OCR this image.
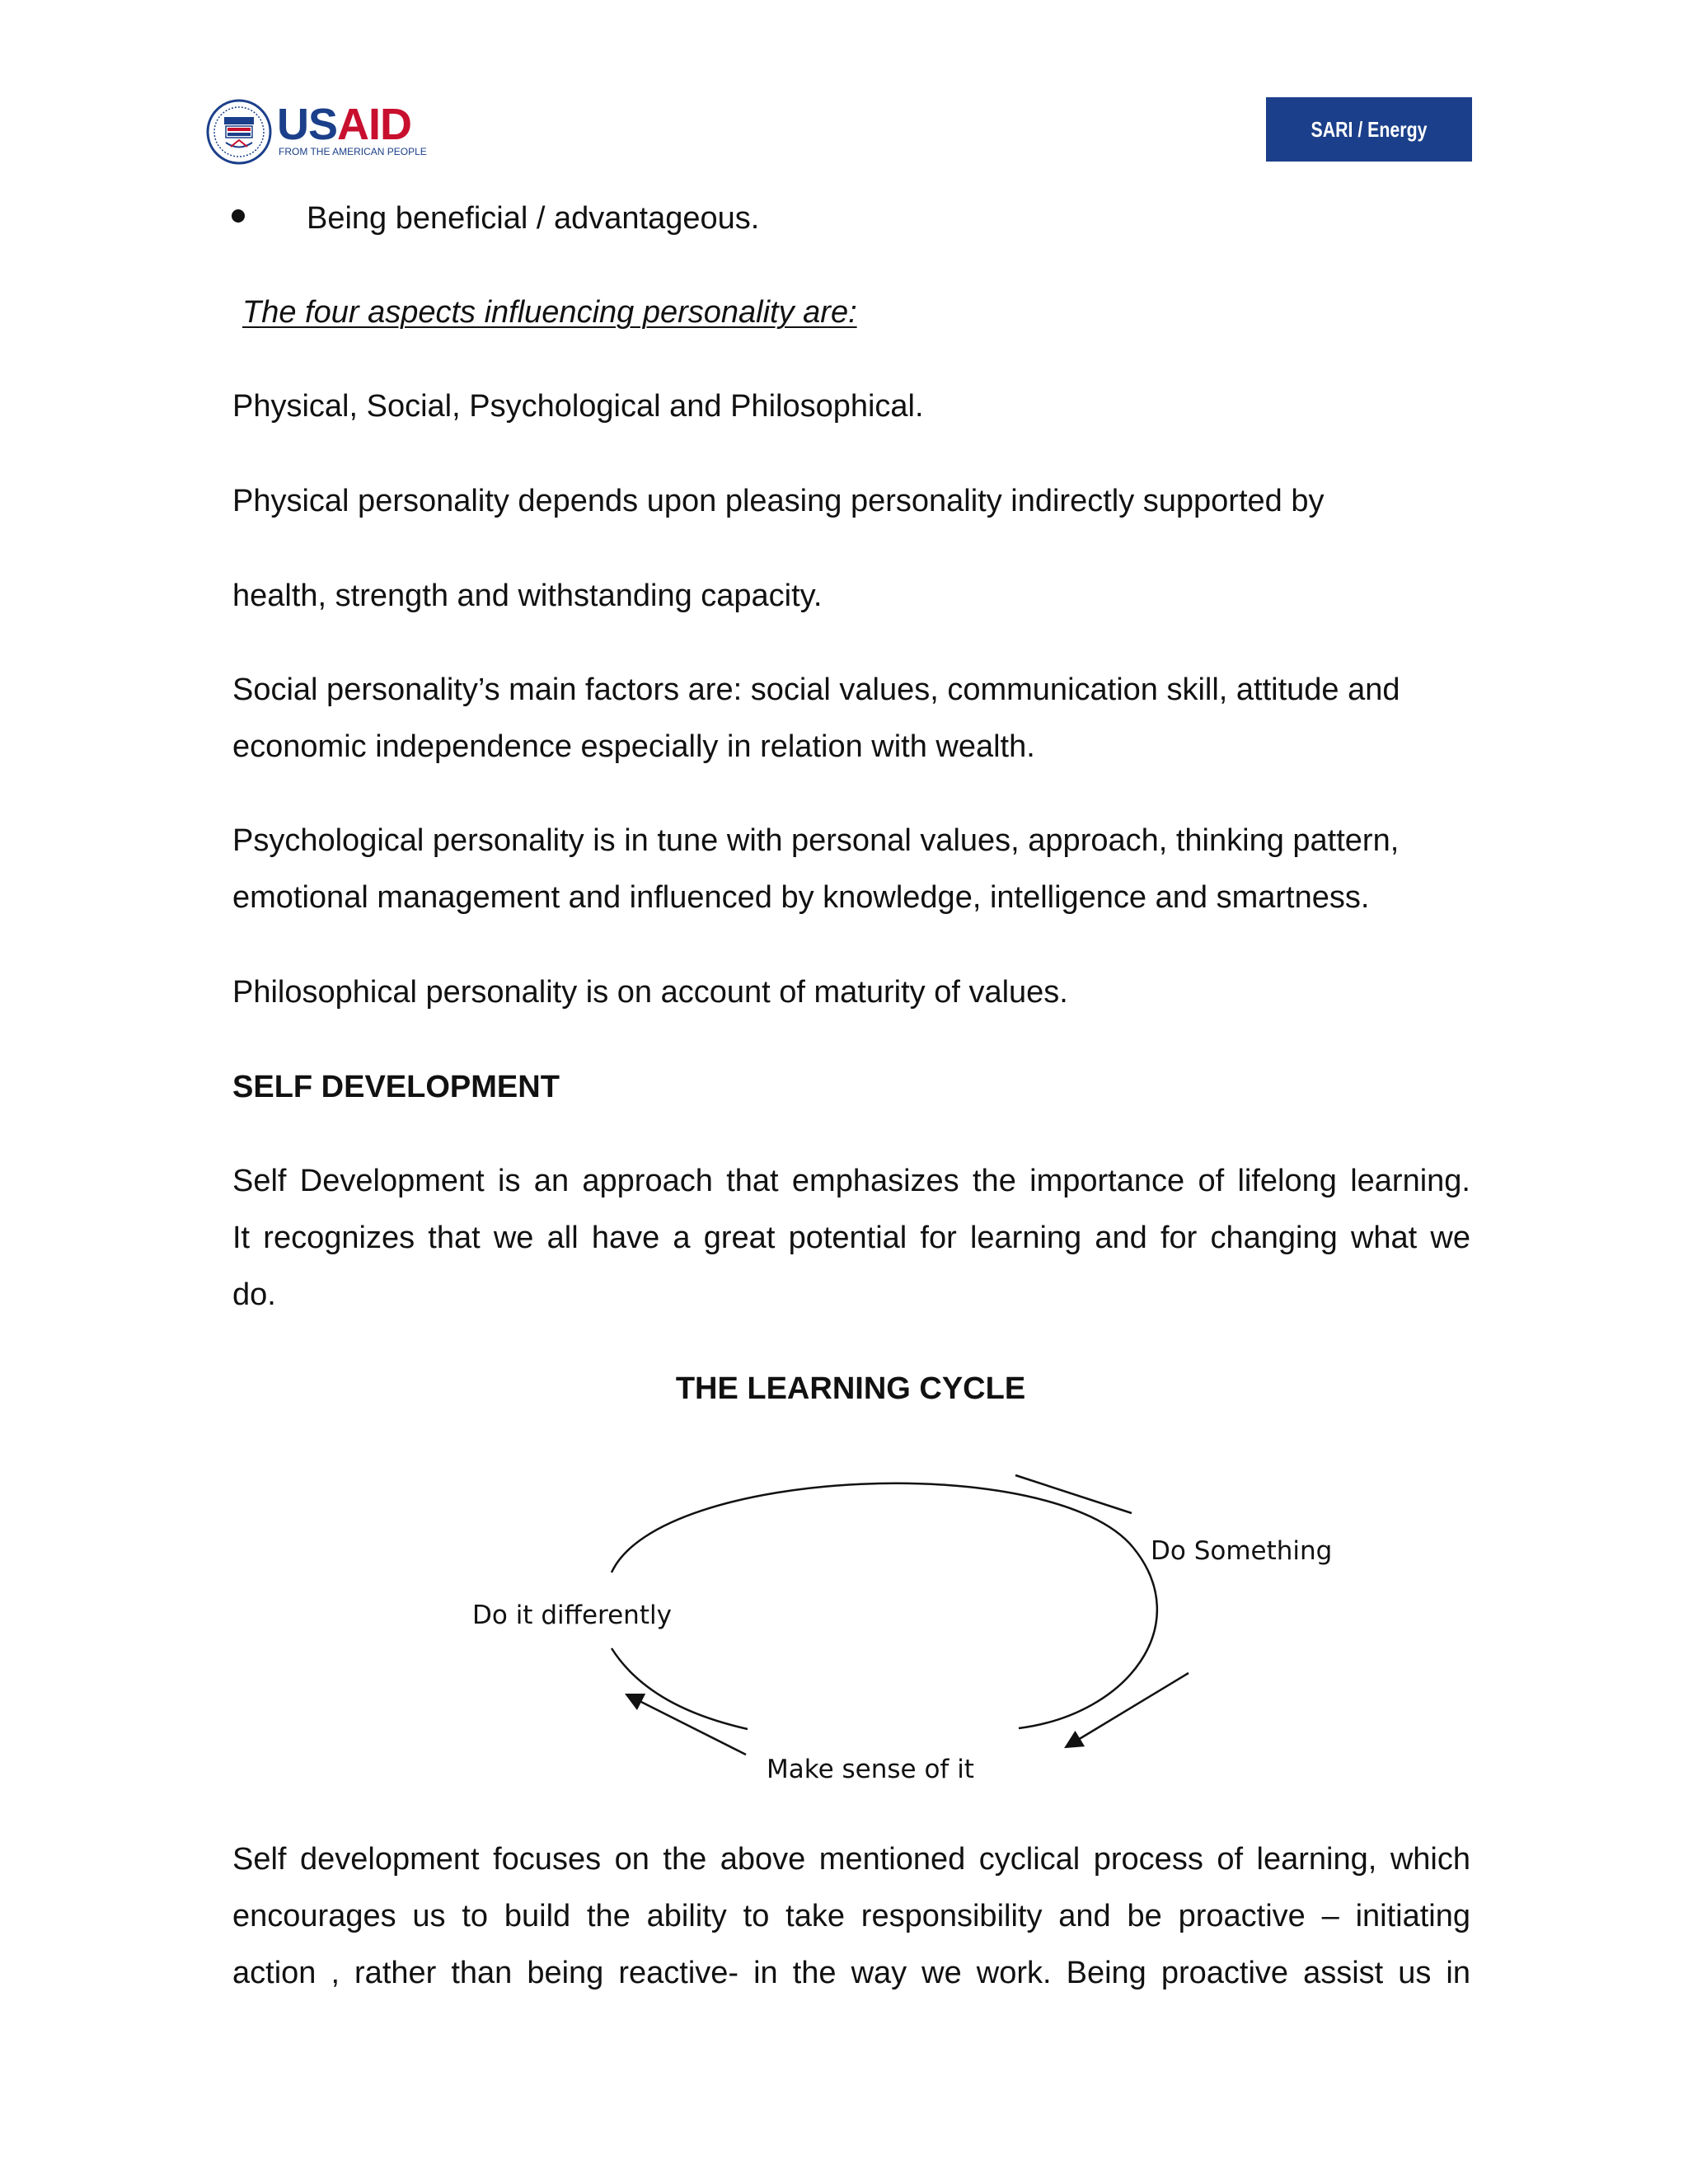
USAID
FROM THE AMERICAN PEOPLE
SARI / Energy
Being beneficial / advantageous.
The four aspects influencing personality are:
Physical, Social, Psychological and Philosophical.
Physical personality depends upon pleasing personality indirectly supported by
health, strength and withstanding capacity.
Social personality’s main factors are: social values, communication skill, attitude and
economic independence especially in relation with wealth.
Psychological personality is in tune with personal values, approach, thinking pattern,
emotional management and influenced by knowledge, intelligence and smartness.
Philosophical personality is on account of maturity of values.
SELF DEVELOPMENT
Self Development is an approach that emphasizes the importance of lifelong learning.
It recognizes that we all have a great potential for learning and for changing what we
do.
THE LEARNING CYCLE
Do Something
Do it differently
Make sense of it
Self development focuses on the above mentioned cyclical process of learning, which
encourages us to build the ability to take responsibility and be proactive – initiating
action , rather than being reactive- in the way we work. Being proactive assist us in
